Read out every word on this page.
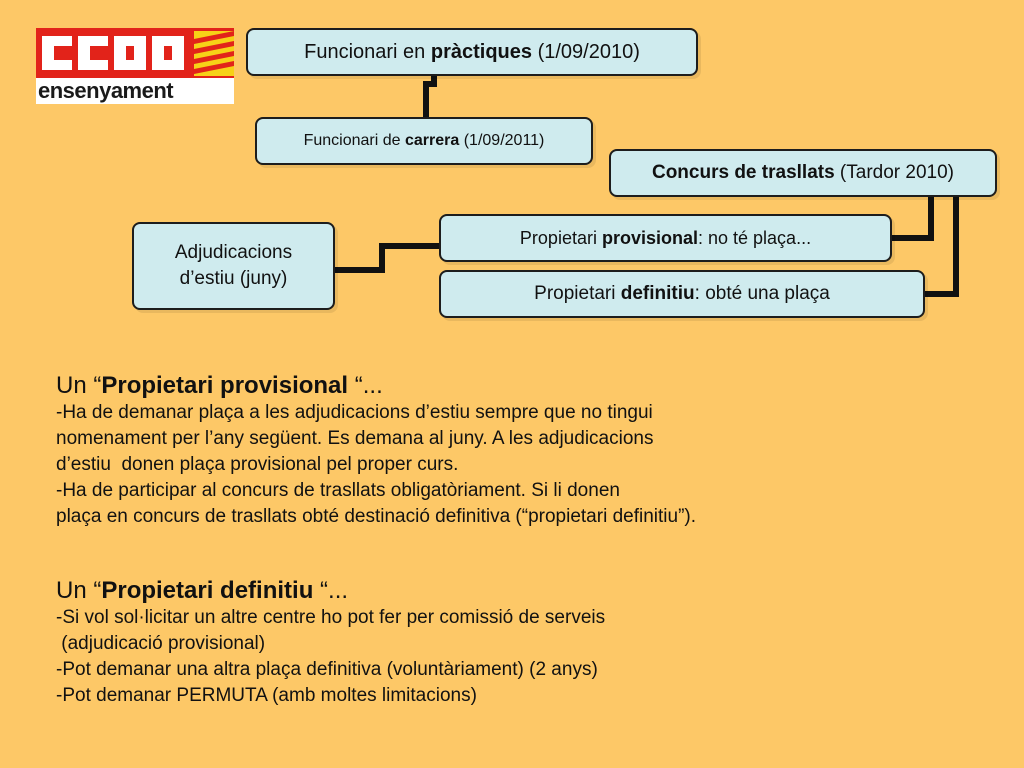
ensenyament
Funcionari en pràctiques (1/09/2010)
Funcionari de carrera (1/09/2011)
Concurs de trasllats (Tardor 2010)
Propietari provisional: no té plaça...
Propietari definitiu: obté una plaça
Adjudicacions
d’estiu (juny)
Un “Propietari provisional “...
-Ha de demanar plaça a les adjudicacions d’estiu sempre que no tingui
nomenament per l’any següent. Es demana al juny. A les adjudicacions
d’estiu  donen plaça provisional pel proper curs.
-Ha de participar al concurs de trasllats obligatòriament. Si li donen
plaça en concurs de trasllats obté destinació definitiva (“propietari definitiu”).
Un “Propietari definitiu “...
-Si vol sol·licitar un altre centre ho pot fer per comissió de serveis
(adjudicació provisional)
-Pot demanar una altra plaça definitiva (voluntàriament) (2 anys)
-Pot demanar PERMUTA (amb moltes limitacions)
